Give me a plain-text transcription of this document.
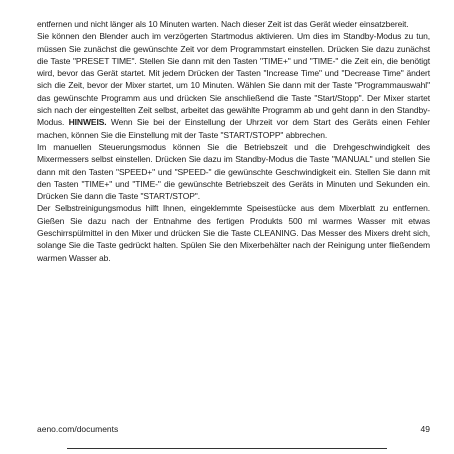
entfernen und nicht länger als 10 Minuten warten. Nach dieser Zeit ist das Gerät wieder einsatzbereit.

Sie können den Blender auch im verzögerten Startmodus aktivieren. Um dies im Standby-Modus zu tun, müssen Sie zunächst die gewünschte Zeit vor dem Programmstart einstellen. Drücken Sie dazu zunächst die Taste "PRESET TIME". Stellen Sie dann mit den Tasten "TIME+" und "TIME-" die Zeit ein, die benötigt wird, bevor das Gerät startet. Mit jedem Drücken der Tasten "Increase Time" und "Decrease Time" ändert sich die Zeit, bevor der Mixer startet, um 10 Minuten. Wählen Sie dann mit der Taste "Programmauswahl" das gewünschte Programm aus und drücken Sie anschließend die Taste "Start/Stopp". Der Mixer startet sich nach der eingestellten Zeit selbst, arbeitet das gewählte Programm ab und geht dann in den Standby-Modus. HINWEIS. Wenn Sie bei der Einstellung der Uhrzeit vor dem Start des Geräts einen Fehler machen, können Sie die Einstellung mit der Taste "START/STOPP" abbrechen.

Im manuellen Steuerungsmodus können Sie die Betriebszeit und die Drehgeschwindigkeit des Mixermessers selbst einstellen. Drücken Sie dazu im Standby-Modus die Taste "MANUAL" und stellen Sie dann mit den Tasten "SPEED+" und "SPEED-" die gewünschte Geschwindigkeit ein. Stellen Sie dann mit den Tasten "TIME+" und "TIME-" die gewünschte Betriebszeit des Geräts in Minuten und Sekunden ein. Drücken Sie dann die Taste "START/STOP".

Der Selbstreinigungsmodus hilft Ihnen, eingeklemmte Speisestücke aus dem Mixerblatt zu entfernen. Gießen Sie dazu nach der Entnahme des fertigen Produkts 500 ml warmes Wasser mit etwas Geschirrspülmittel in den Mixer und drücken Sie die Taste CLEANING. Das Messer des Mixers dreht sich, solange Sie die Taste gedrückt halten. Spülen Sie den Mixerbehälter nach der Reinigung unter fließendem warmen Wasser ab.

aeno.com/documents	49
